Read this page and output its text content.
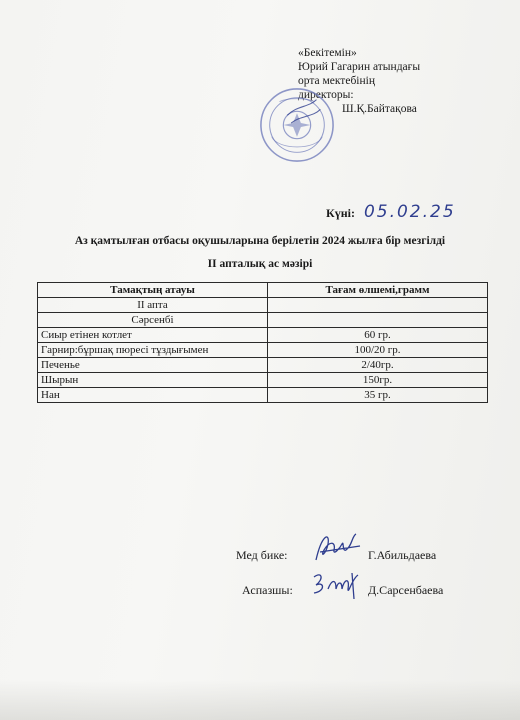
«Бекітемін»
Юрий Гагарин атындағы
орта мектебінің
директоры:
Ш.Қ.Байтақова
Күні: 05.02.25
Аз қамтылған отбасы оқушыларына берілетін 2024 жылға бір мезгілді
II апталық ас мәзірі
Тамақтың атауы	Тағам өлшемі,грамм
II апта	
Сәрсенбі	
Сиыр етінен котлет	60 гр.
Гарнир:бұршақ пюресі тұздығымен	100/20 гр.
Печенье	2/40гр.
Шырын	150гр.
Нан	35 гр.
Мед бике:	Г.Абильдаева
Аспазшы:	Д.Сарсенбаева
